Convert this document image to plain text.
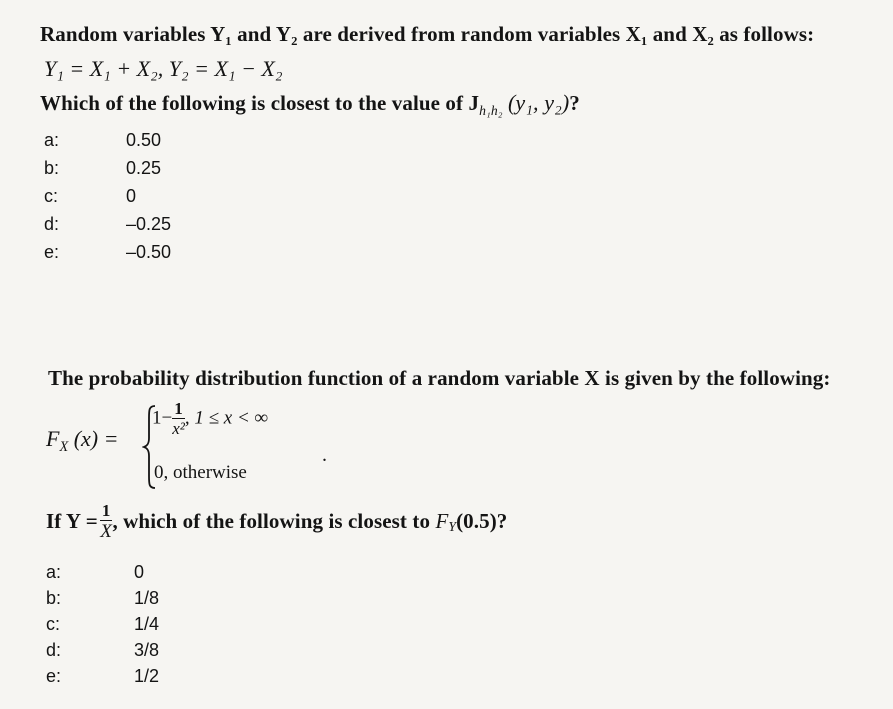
Random variables Y₁ and Y₂ are derived from random variables X₁ and X₂ as follows:
Y₁ = X₁ + X₂, Y₂ = X₁ − X₂
Which of the following is closest to the value of $J_{h_1h_2}$ (y₁, y₂)?
a:	0.50
b:	0.25
c:	0
d:	–0.25
e:	–0.50
The probability distribution function of a random variable X is given by the following:
$F_X$ (x) =
$1- \frac{1}{\text{x²}}$ , 1 ≤ x < ∞
.
0, otherwise
If $Y = \frac{1}{X}$ , which of the following is closest to $F_Y(0.5)$?
a:	0
b:	1/8
c:	1/4
d:	3/8
e:	1/2
